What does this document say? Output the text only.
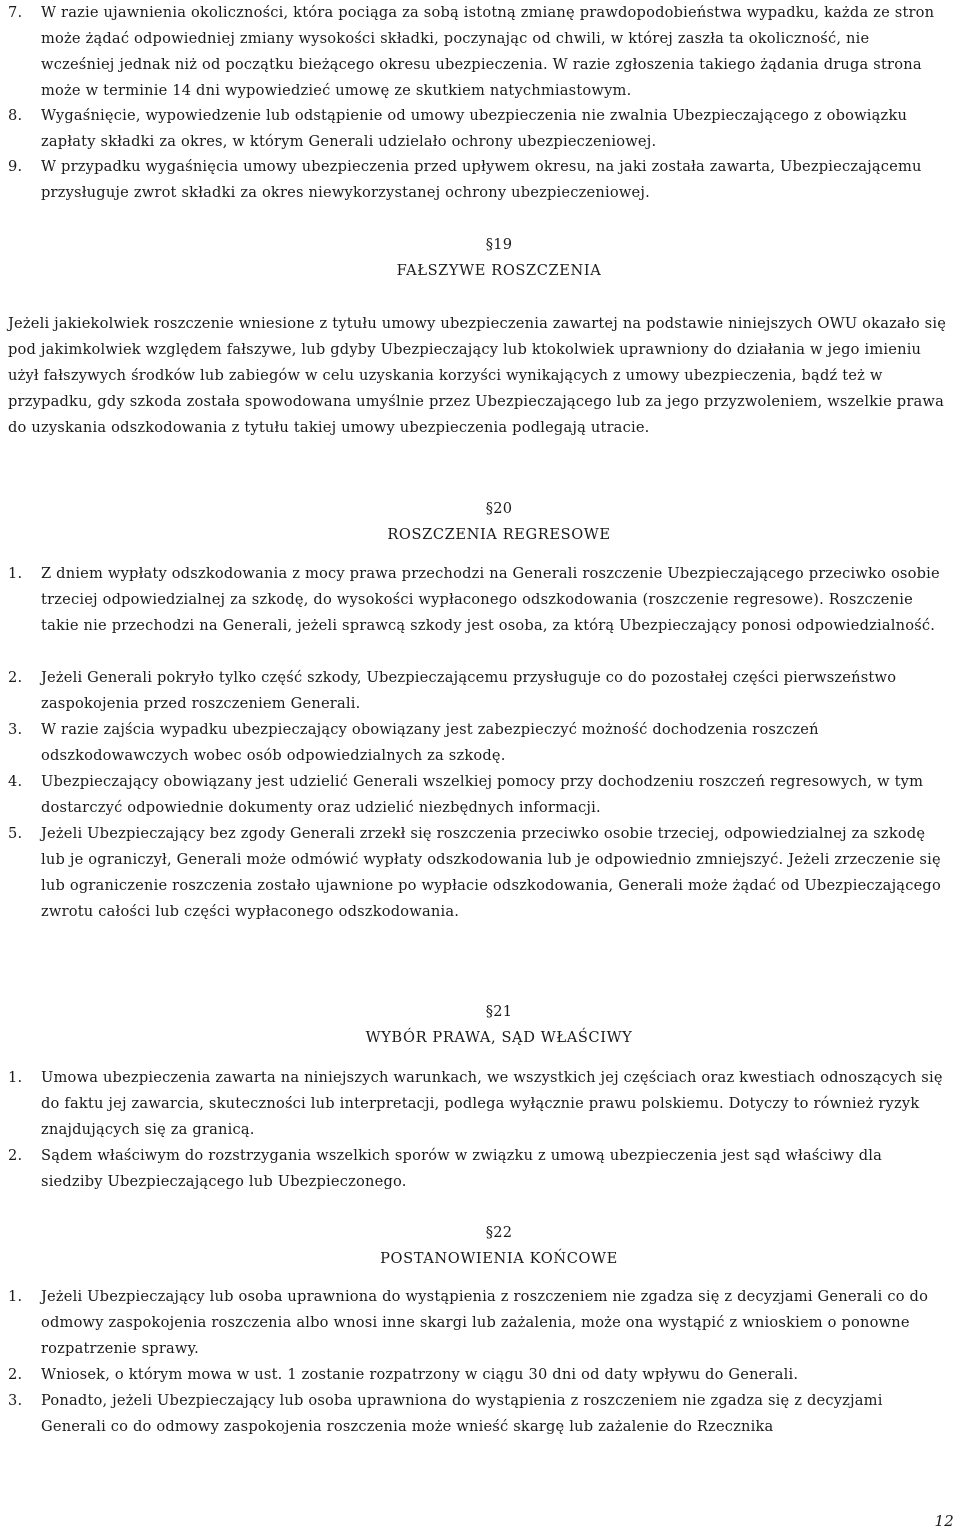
7. W razie ujawnienia okoliczności, która pociąga za sobą istotną zmianę prawdopodobieństwa wypadku, każda ze stron może żądać odpowiedniej zmiany wysokości składki, poczynając od chwili, w której zaszła ta okoliczność, nie wcześniej jednak niż od początku bieżącego okresu ubezpieczenia. W razie zgłoszenia takiego żądania druga strona może w terminie 14 dni wypowiedzieć umowę ze skutkiem natychmiastowym.
8. Wygaśnięcie, wypowiedzenie lub odstąpienie od umowy ubezpieczenia nie zwalnia Ubezpieczającego z obowiązku zapłaty składki za okres, w którym Generali udzielało ochrony ubezpieczeniowej.
9. W przypadku wygaśnięcia umowy ubezpieczenia przed upływem okresu, na jaki została zawarta, Ubezpieczającemu przysługuje zwrot składki za okres niewykorzystanej ochrony ubezpieczeniowej.
§19
FAŁSZYWE ROSZCZENIA
Jeżeli jakiekolwiek roszczenie wniesione z tytułu umowy ubezpieczenia zawartej na podstawie niniejszych OWU okazało się pod jakimkolwiek względem fałszywe, lub gdyby Ubezpieczający lub ktokolwiek uprawniony do działania w jego imieniu użył fałszywych środków lub zabiegów w celu uzyskania korzyści wynikających z umowy ubezpieczenia, bądź też w przypadku, gdy szkoda została spowodowana umyślnie przez Ubezpieczającego lub za jego przyzwoleniem, wszelkie prawa do uzyskania odszkodowania z tytułu takiej umowy ubezpieczenia podlegają utracie.
§20
ROSZCZENIA REGRESOWE
1. Z dniem wypłaty odszkodowania z mocy prawa przechodzi na Generali roszczenie Ubezpieczającego przeciwko osobie trzeciej odpowiedzialnej za szkodę, do wysokości wypłaconego odszkodowania (roszczenie regresowe). Roszczenie takie nie przechodzi na Generali, jeżeli sprawcą szkody jest osoba, za którą Ubezpieczający ponosi odpowiedzialność.
2. Jeżeli Generali pokryło tylko część szkody, Ubezpieczającemu przysługuje co do pozostałej części pierwszeństwo zaspokojenia przed roszczeniem Generali.
3. W razie zajścia wypadku ubezpieczający obowiązany jest zabezpieczyć możność dochodzenia roszczeń odszkodowawczych wobec osób odpowiedzialnych za szkodę.
4. Ubezpieczający obowiązany jest udzielić Generali wszelkiej pomocy przy dochodzeniu roszczeń regresowych, w tym dostarczyć odpowiednie dokumenty oraz udzielić niezbędnych informacji.
5. Jeżeli Ubezpieczający bez zgody Generali zrzekł się roszczenia przeciwko osobie trzeciej, odpowiedzialnej za szkodę lub je ograniczył, Generali może odmówić wypłaty odszkodowania lub je odpowiednio zmniejszyć. Jeżeli zrzeczenie się lub ograniczenie roszczenia zostało ujawnione po wypłacie odszkodowania, Generali może żądać od Ubezpieczającego zwrotu całości lub części wypłaconego odszkodowania.
§21
WYBÓR PRAWA, SĄD WŁAŚCIWY
1. Umowa ubezpieczenia zawarta na niniejszych warunkach, we wszystkich jej częściach oraz kwestiach odnoszących się do faktu jej zawarcia, skuteczności lub interpretacji, podlega wyłącznie prawu polskiemu. Dotyczy to również ryzyk znajdujących się za granicą.
2. Sądem właściwym do rozstrzygania wszelkich sporów w związku z umową ubezpieczenia jest sąd właściwy dla siedziby Ubezpieczającego lub Ubezpieczonego.
§22
POSTANOWIENIA KOŃCOWE
1. Jeżeli Ubezpieczający lub osoba uprawniona do wystąpienia z roszczeniem nie zgadza się z decyzjami Generali co do odmowy zaspokojenia roszczenia albo wnosi inne skargi lub zażalenia, może ona wystąpić z wnioskiem o ponowne rozpatrzenie sprawy.
2. Wniosek, o którym mowa w ust. 1 zostanie rozpatrzony w ciągu 30 dni od daty wpływu do Generali.
3. Ponadto, jeżeli Ubezpieczający lub osoba uprawniona do wystąpienia z roszczeniem nie zgadza się z decyzjami Generali co do odmowy zaspokojenia roszczenia może wnieść skargę lub zażalenie do Rzecznika
12
